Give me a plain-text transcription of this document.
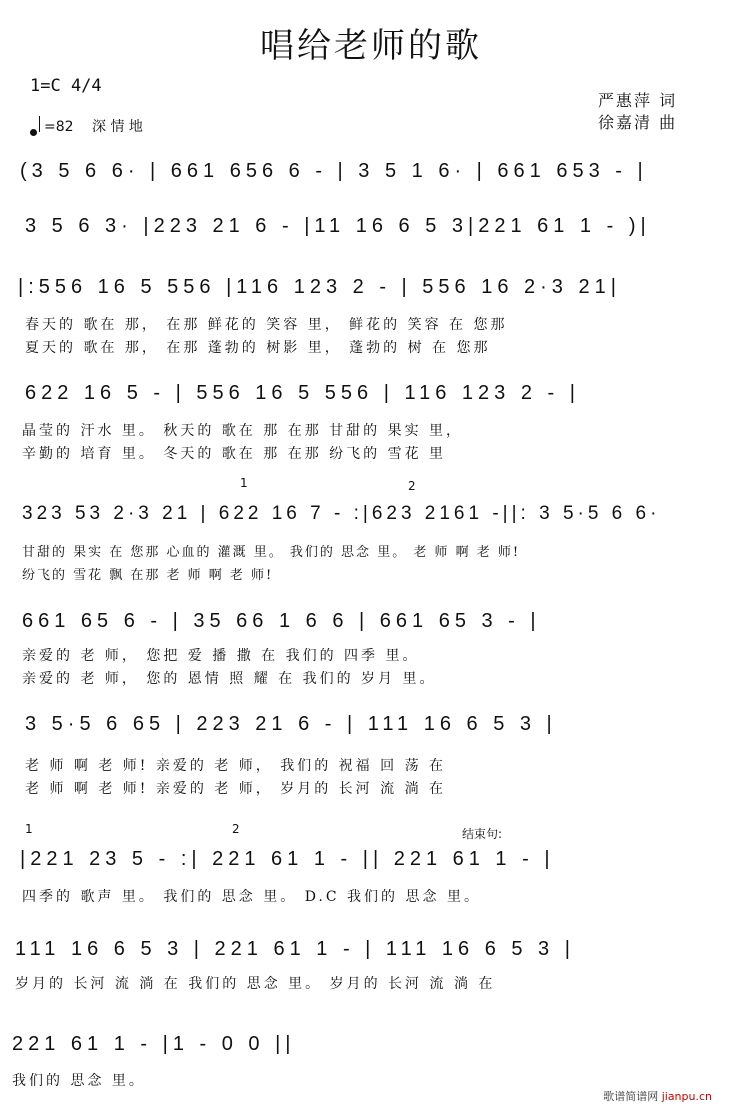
唱给老师的歌
1=C 4/4
=82 深 情 地
严惠萍 词
徐嘉清 曲
(3 5 6 6· | 661 656 6 - | 3 5 1 6· | 661 653 - |
3 5 6 3· |223 21 6 - |11 16 6 5 3|221 61 1 - )|
|:556 16 5 556 |116 123 2 - | 556 16 2·3 21|
春天的 歌在 那， 在那 鲜花的 笑容 里， 鲜花的 笑容 在 您那
夏天的 歌在 那， 在那 蓬勃的 树影 里， 蓬勃的 树 在 您那
622 16 5 - | 556 16 5 556 | 116 123 2 - |
晶莹的 汗水 里。 秋天的 歌在 那 在那 甘甜的 果实 里，
辛勤的 培育 里。 冬天的 歌在 那 在那 纷飞的 雪花 里
1	2
323 53 2·3 21 | 622 16 7 - :|623 2161 -||: 3 5·5 6 6·
甘甜的 果实 在 您那 心血的 灌溉 里。 我们的 思念 里。 老 师 啊 老 师!
纷飞的 雪花 飘 在那 老 师 啊 老 师!
661 65 6 - | 35 66 1 6 6 | 661 65 3 - |
亲爱的 老 师， 您把 爱 播 撒 在 我们的 四季 里。
亲爱的 老 师， 您的 恩情 照 耀 在 我们的 岁月 里。
3 5·5 6 65 | 223 21 6 - | 111 16 6 5 3 |
老 师 啊 老 师! 亲爱的 老 师， 我们的 祝福 回 荡 在
老 师 啊 老 师! 亲爱的 老 师， 岁月的 长河 流 淌 在
1	2	结束句:
|221 23 5 - :| 221 61 1 - || 221 61 1 - |
四季的 歌声 里。 我们的 思念 里。 D.C 我们的 思念 里。
111 16 6 5 3 | 221 61 1 - | 111 16 6 5 3 |
岁月的 长河 流 淌 在 我们的 思念 里。 岁月的 长河 流 淌 在
221 61 1 - |1 - 0 0 ||
我们的 思念 里。
歌谱简谱网 jianpu.cn
